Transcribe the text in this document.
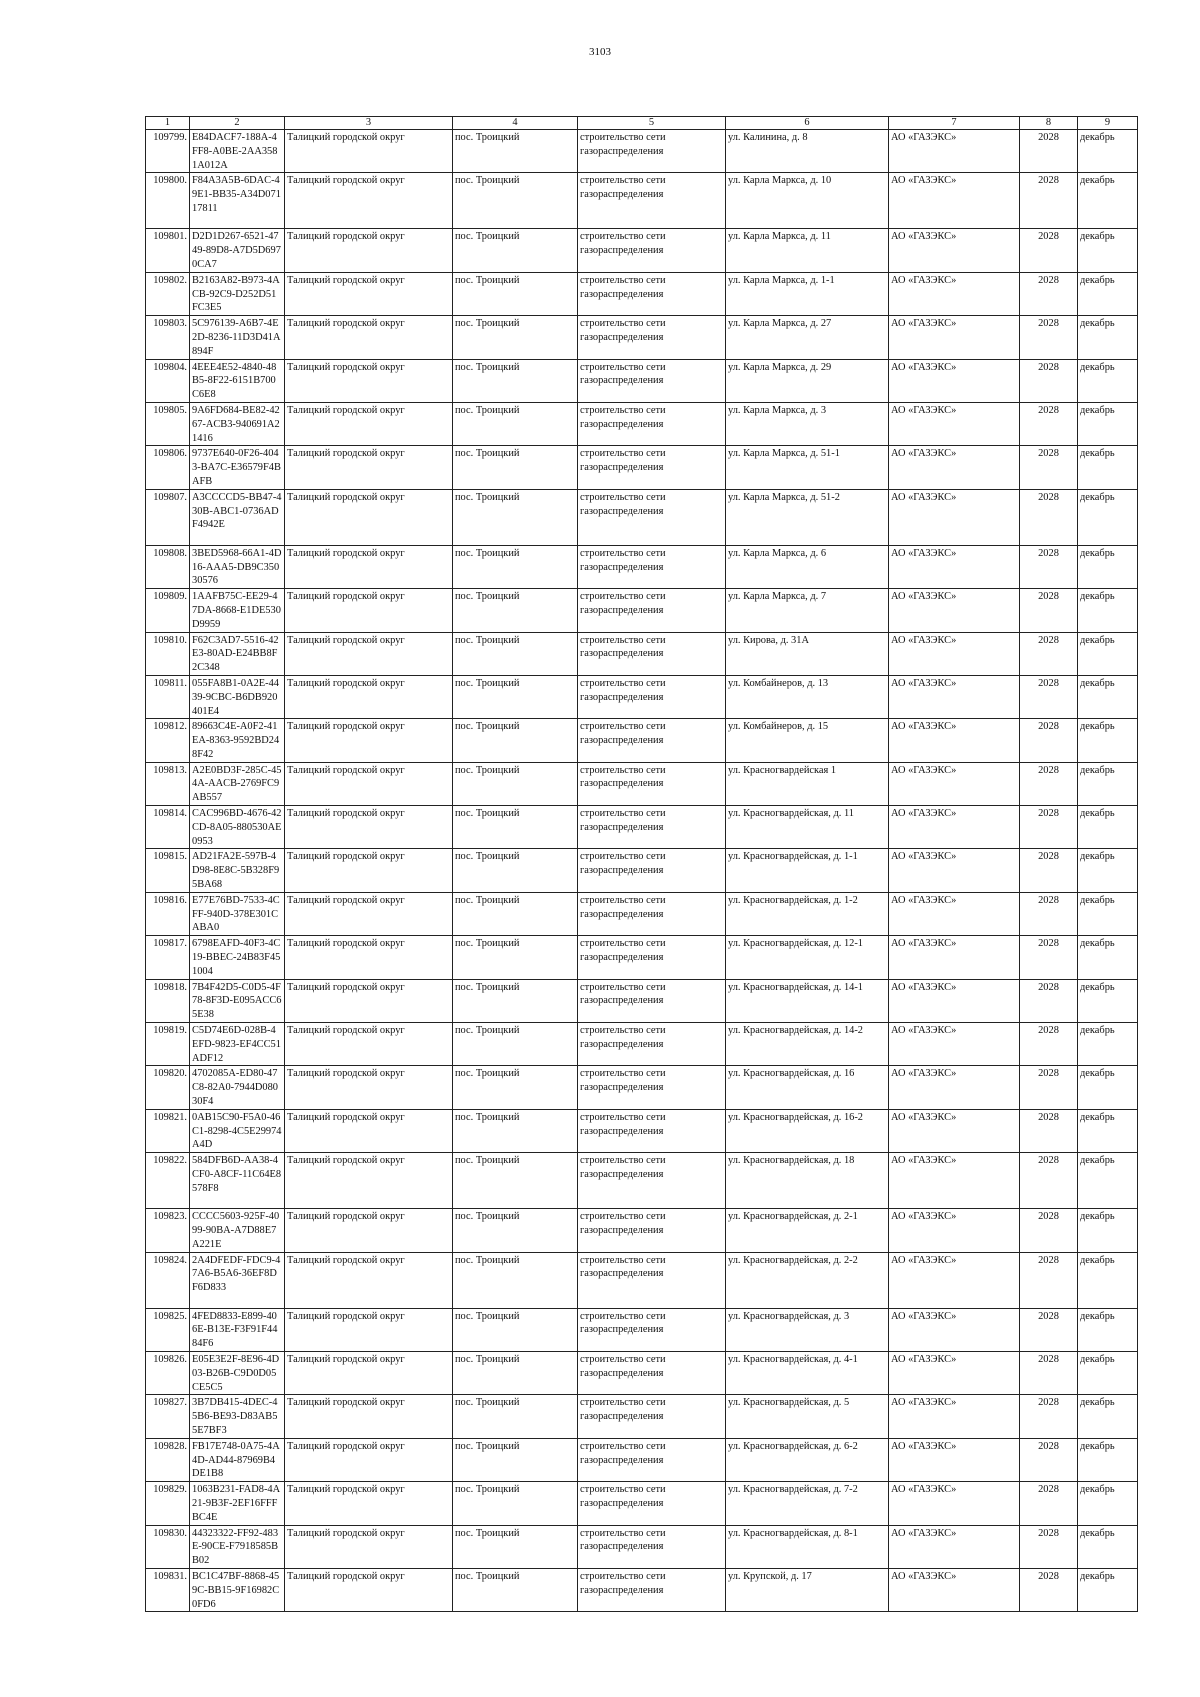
3103
1	2	3	4	5	6	7	8	9
109799.	E84DACF7-188A-4FF8-A0BE-2AA3581A012A	Талицкий городской округ	пос. Троицкий	строительство сети газораспределения	ул. Калинина, д. 8	АО «ГАЗЭКС»	2028	декабрь
109800.	F84A3A5B-6DAC-49E1-BB35-A34D07117811	Талицкий городской округ	пос. Троицкий	строительство сети газораспределения	ул. Карла Маркса, д. 10	АО «ГАЗЭКС»	2028	декабрь
109801.	D2D1D267-6521-4749-89D8-A7D5D6970CA7	Талицкий городской округ	пос. Троицкий	строительство сети газораспределения	ул. Карла Маркса, д. 11	АО «ГАЗЭКС»	2028	декабрь
109802.	B2163A82-B973-4ACB-92C9-D252D51FC3E5	Талицкий городской округ	пос. Троицкий	строительство сети газораспределения	ул. Карла Маркса, д. 1-1	АО «ГАЗЭКС»	2028	декабрь
109803.	5C976139-A6B7-4E2D-8236-11D3D41A894F	Талицкий городской округ	пос. Троицкий	строительство сети газораспределения	ул. Карла Маркса, д. 27	АО «ГАЗЭКС»	2028	декабрь
109804.	4EEE4E52-4840-48B5-8F22-6151B700C6E8	Талицкий городской округ	пос. Троицкий	строительство сети газораспределения	ул. Карла Маркса, д. 29	АО «ГАЗЭКС»	2028	декабрь
109805.	9A6FD684-BE82-4267-ACB3-940691A21416	Талицкий городской округ	пос. Троицкий	строительство сети газораспределения	ул. Карла Маркса, д. 3	АО «ГАЗЭКС»	2028	декабрь
109806.	9737E640-0F26-4043-BA7C-E36579F4BAFB	Талицкий городской округ	пос. Троицкий	строительство сети газораспределения	ул. Карла Маркса, д. 51-1	АО «ГАЗЭКС»	2028	декабрь
109807.	A3CCCCD5-BB47-430B-ABC1-0736ADF4942E	Талицкий городской округ	пос. Троицкий	строительство сети газораспределения	ул. Карла Маркса, д. 51-2	АО «ГАЗЭКС»	2028	декабрь
109808.	3BED5968-66A1-4D16-AAA5-DB9C35030576	Талицкий городской округ	пос. Троицкий	строительство сети газораспределения	ул. Карла Маркса, д. 6	АО «ГАЗЭКС»	2028	декабрь
109809.	1AAFB75C-EE29-47DA-8668-E1DE530D9959	Талицкий городской округ	пос. Троицкий	строительство сети газораспределения	ул. Карла Маркса, д. 7	АО «ГАЗЭКС»	2028	декабрь
109810.	F62C3AD7-5516-42E3-80AD-E24BB8F2C348	Талицкий городской округ	пос. Троицкий	строительство сети газораспределения	ул. Кирова, д. 31А	АО «ГАЗЭКС»	2028	декабрь
109811.	055FA8B1-0A2E-4439-9CBC-B6DB920401E4	Талицкий городской округ	пос. Троицкий	строительство сети газораспределения	ул. Комбайнеров, д. 13	АО «ГАЗЭКС»	2028	декабрь
109812.	89663C4E-A0F2-41EA-8363-9592BD248F42	Талицкий городской округ	пос. Троицкий	строительство сети газораспределения	ул. Комбайнеров, д. 15	АО «ГАЗЭКС»	2028	декабрь
109813.	A2E0BD3F-285C-454A-AACB-2769FC9AB557	Талицкий городской округ	пос. Троицкий	строительство сети газораспределения	ул. Красногвардейская 1	АО «ГАЗЭКС»	2028	декабрь
109814.	CAC996BD-4676-42CD-8A05-880530AE0953	Талицкий городской округ	пос. Троицкий	строительство сети газораспределения	ул. Красногвардейская, д. 11	АО «ГАЗЭКС»	2028	декабрь
109815.	AD21FA2E-597B-4D98-8E8C-5B328F95BA68	Талицкий городской округ	пос. Троицкий	строительство сети газораспределения	ул. Красногвардейская, д. 1-1	АО «ГАЗЭКС»	2028	декабрь
109816.	E77E76BD-7533-4CFF-940D-378E301CABA0	Талицкий городской округ	пос. Троицкий	строительство сети газораспределения	ул. Красногвардейская, д. 1-2	АО «ГАЗЭКС»	2028	декабрь
109817.	6798EAFD-40F3-4C19-BBEC-24B83F451004	Талицкий городской округ	пос. Троицкий	строительство сети газораспределения	ул. Красногвардейская, д. 12-1	АО «ГАЗЭКС»	2028	декабрь
109818.	7B4F42D5-C0D5-4F78-8F3D-E095ACC65E38	Талицкий городской округ	пос. Троицкий	строительство сети газораспределения	ул. Красногвардейская, д. 14-1	АО «ГАЗЭКС»	2028	декабрь
109819.	C5D74E6D-028B-4EFD-9823-EF4CC51ADF12	Талицкий городской округ	пос. Троицкий	строительство сети газораспределения	ул. Красногвардейская, д. 14-2	АО «ГАЗЭКС»	2028	декабрь
109820.	4702085A-ED80-47C8-82A0-7944D08030F4	Талицкий городской округ	пос. Троицкий	строительство сети газораспределения	ул. Красногвардейская, д. 16	АО «ГАЗЭКС»	2028	декабрь
109821.	0AB15C90-F5A0-46C1-8298-4C5E29974A4D	Талицкий городской округ	пос. Троицкий	строительство сети газораспределения	ул. Красногвардейская, д. 16-2	АО «ГАЗЭКС»	2028	декабрь
109822.	584DFB6D-AA38-4CF0-A8CF-11C64E8578F8	Талицкий городской округ	пос. Троицкий	строительство сети газораспределения	ул. Красногвардейская, д. 18	АО «ГАЗЭКС»	2028	декабрь
109823.	CCCC5603-925F-4099-90BA-A7D88E7A221E	Талицкий городской округ	пос. Троицкий	строительство сети газораспределения	ул. Красногвардейская, д. 2-1	АО «ГАЗЭКС»	2028	декабрь
109824.	2A4DFEDF-FDC9-47A6-B5A6-36EF8DF6D833	Талицкий городской округ	пос. Троицкий	строительство сети газораспределения	ул. Красногвардейская, д. 2-2	АО «ГАЗЭКС»	2028	декабрь
109825.	4FED8833-E899-406E-B13E-F3F91F4484F6	Талицкий городской округ	пос. Троицкий	строительство сети газораспределения	ул. Красногвардейская, д. 3	АО «ГАЗЭКС»	2028	декабрь
109826.	E05E3E2F-8E96-4D03-B26B-C9D0D05CE5C5	Талицкий городской округ	пос. Троицкий	строительство сети газораспределения	ул. Красногвардейская, д. 4-1	АО «ГАЗЭКС»	2028	декабрь
109827.	3B7DB415-4DEC-45B6-BE93-D83AB55E7BF3	Талицкий городской округ	пос. Троицкий	строительство сети газораспределения	ул. Красногвардейская, д. 5	АО «ГАЗЭКС»	2028	декабрь
109828.	FB17E748-0A75-4A4D-AD44-87969B4DE1B8	Талицкий городской округ	пос. Троицкий	строительство сети газораспределения	ул. Красногвардейская, д. 6-2	АО «ГАЗЭКС»	2028	декабрь
109829.	1063B231-FAD8-4A21-9B3F-2EF16FFFBC4E	Талицкий городской округ	пос. Троицкий	строительство сети газораспределения	ул. Красногвардейская, д. 7-2	АО «ГАЗЭКС»	2028	декабрь
109830.	44323322-FF92-483E-90CE-F7918585BB02	Талицкий городской округ	пос. Троицкий	строительство сети газораспределения	ул. Красногвардейская, д. 8-1	АО «ГАЗЭКС»	2028	декабрь
109831.	BC1C47BF-8868-459C-BB15-9F16982C0FD6	Талицкий городской округ	пос. Троицкий	строительство сети газораспределения	ул. Крупской, д. 17	АО «ГАЗЭКС»	2028	декабрь
